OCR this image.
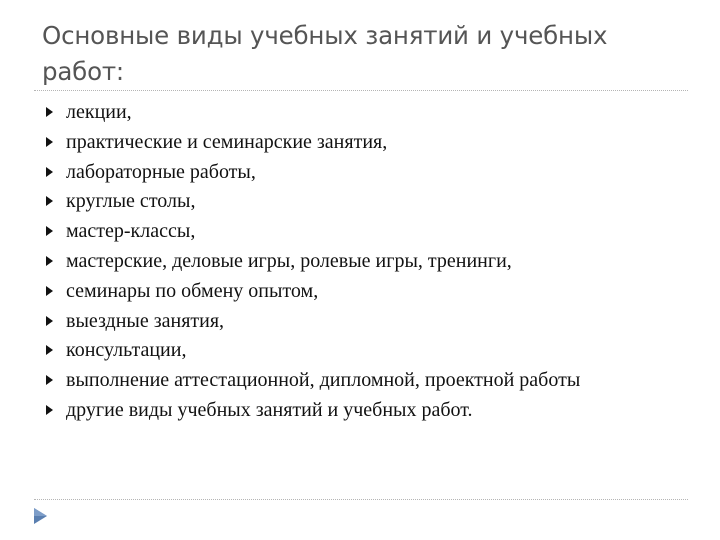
Основные виды учебных занятий и учебных работ:
лекции,
практические и семинарские занятия,
лабораторные работы,
круглые столы,
мастер-классы,
мастерские, деловые игры, ролевые игры, тренинги,
семинары по обмену опытом,
выездные занятия,
консультации,
выполнение аттестационной, дипломной, проектной работы
другие виды учебных занятий и учебных работ.
